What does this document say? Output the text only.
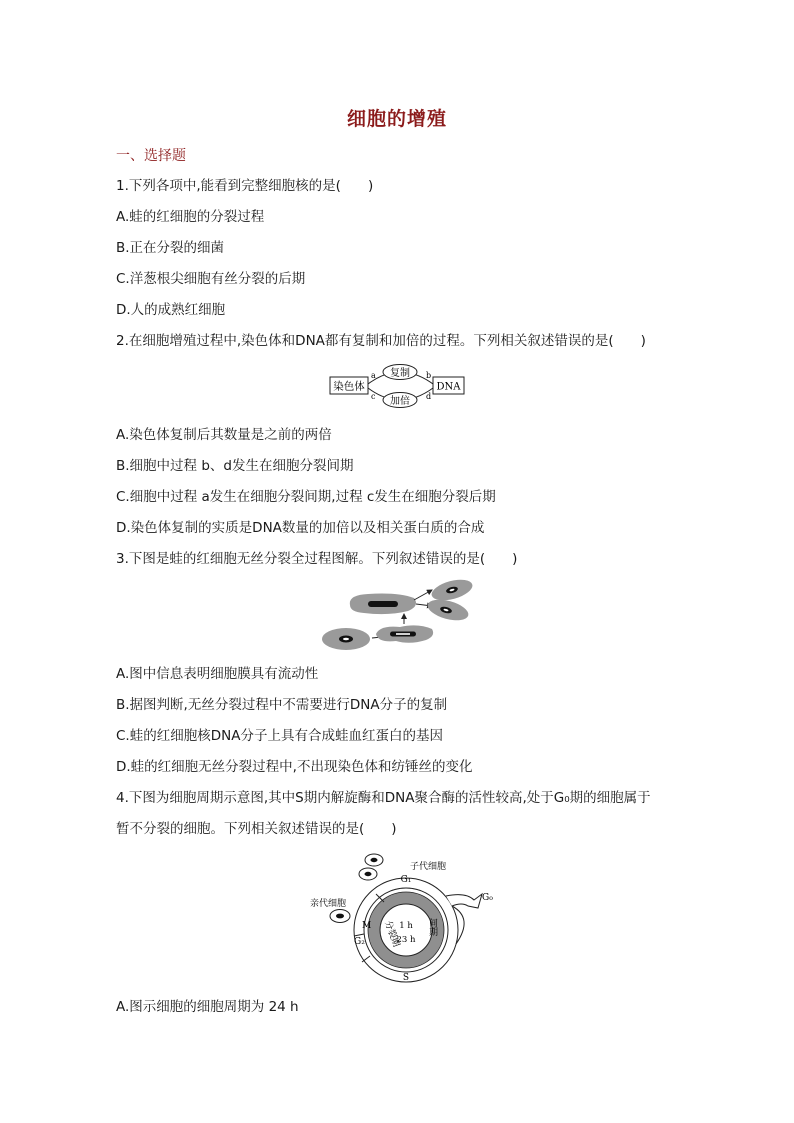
细胞的增殖
一、选择题
1.下列各项中,能看到完整细胞核的是(　　)
A.蛙的红细胞的分裂过程
B.正在分裂的细菌
C.洋葱根尖细胞有丝分裂的后期
D.人的成熟红细胞
2.在细胞增殖过程中,染色体和DNA都有复制和加倍的过程。下列相关叙述错误的是(　　)
染色体	DNA
复制
加倍
a	b
c	d
A.染色体复制后其数量是之前的两倍
B.细胞中过程 b、d发生在细胞分裂间期
C.细胞中过程 a发生在细胞分裂间期,过程 c发生在细胞分裂后期
D.染色体复制的实质是DNA数量的加倍以及相关蛋白质的合成
3.下图是蛙的红细胞无丝分裂全过程图解。下列叙述错误的是(　　)
A.图中信息表明细胞膜具有流动性
B.据图判断,无丝分裂过程中不需要进行DNA分子的复制
C.蛙的红细胞核DNA分子上具有合成蛙血红蛋白的基因
D.蛙的红细胞无丝分裂过程中,不出现染色体和纺锤丝的变化
4.下图为细胞周期示意图,其中S期内解旋酶和DNA聚合酶的活性较高,处于G₀期的细胞属于
暂不分裂的细胞。下列相关叙述错误的是(　　)
G₁
G₀
M
G₂
S
子代细胞
亲代细胞
分裂期	间期
1 h
23 h
A.图示细胞的细胞周期为 24 h
